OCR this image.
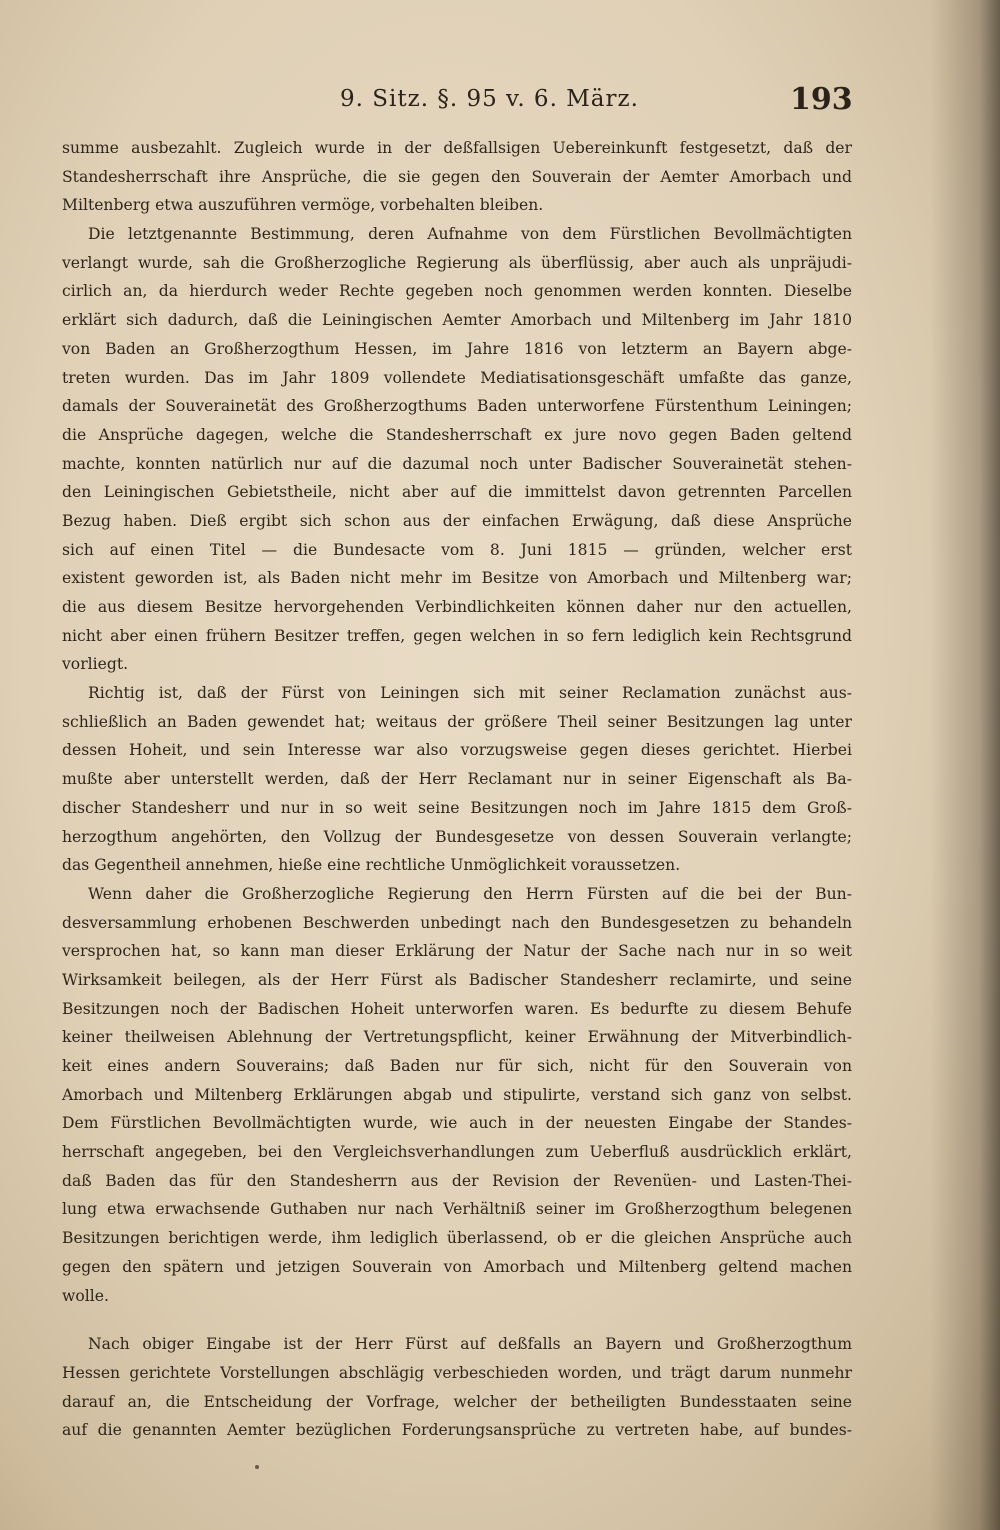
9. Sitz. §. 95 v. 6. März.	193
summe ausbezahlt. Zugleich wurde in der deßfallsigen Uebereinkunft festgesetzt, daß der
Standesherrschaft ihre Ansprüche, die sie gegen den Souverain der Aemter Amorbach und
Miltenberg etwa auszuführen vermöge, vorbehalten bleiben.
Die letztgenannte Bestimmung, deren Aufnahme von dem Fürstlichen Bevollmächtigten
verlangt wurde, sah die Großherzogliche Regierung als überflüssig, aber auch als unpräjudi-
cirlich an, da hierdurch weder Rechte gegeben noch genommen werden konnten. Dieselbe
erklärt sich dadurch, daß die Leiningischen Aemter Amorbach und Miltenberg im Jahr 1810
von Baden an Großherzogthum Hessen, im Jahre 1816 von letzterm an Bayern abge-
treten wurden. Das im Jahr 1809 vollendete Mediatisationsgeschäft umfaßte das ganze,
damals der Souverainetät des Großherzogthums Baden unterworfene Fürstenthum Leiningen;
die Ansprüche dagegen, welche die Standesherrschaft ex jure novo gegen Baden geltend
machte, konnten natürlich nur auf die dazumal noch unter Badischer Souverainetät stehen-
den Leiningischen Gebietstheile, nicht aber auf die immittelst davon getrennten Parcellen
Bezug haben. Dieß ergibt sich schon aus der einfachen Erwägung, daß diese Ansprüche
sich auf einen Titel — die Bundesacte vom 8. Juni 1815 — gründen, welcher erst
existent geworden ist, als Baden nicht mehr im Besitze von Amorbach und Miltenberg war;
die aus diesem Besitze hervorgehenden Verbindlichkeiten können daher nur den actuellen,
nicht aber einen frühern Besitzer treffen, gegen welchen in so fern lediglich kein Rechtsgrund
vorliegt.
Richtig ist, daß der Fürst von Leiningen sich mit seiner Reclamation zunächst aus-
schließlich an Baden gewendet hat; weitaus der größere Theil seiner Besitzungen lag unter
dessen Hoheit, und sein Interesse war also vorzugsweise gegen dieses gerichtet. Hierbei
mußte aber unterstellt werden, daß der Herr Reclamant nur in seiner Eigenschaft als Ba-
discher Standesherr und nur in so weit seine Besitzungen noch im Jahre 1815 dem Groß-
herzogthum angehörten, den Vollzug der Bundesgesetze von dessen Souverain verlangte;
das Gegentheil annehmen, hieße eine rechtliche Unmöglichkeit voraussetzen.
Wenn daher die Großherzogliche Regierung den Herrn Fürsten auf die bei der Bun-
desversammlung erhobenen Beschwerden unbedingt nach den Bundesgesetzen zu behandeln
versprochen hat, so kann man dieser Erklärung der Natur der Sache nach nur in so weit
Wirksamkeit beilegen, als der Herr Fürst als Badischer Standesherr reclamirte, und seine
Besitzungen noch der Badischen Hoheit unterworfen waren. Es bedurfte zu diesem Behufe
keiner theilweisen Ablehnung der Vertretungspflicht, keiner Erwähnung der Mitverbindlich-
keit eines andern Souverains; daß Baden nur für sich, nicht für den Souverain von
Amorbach und Miltenberg Erklärungen abgab und stipulirte, verstand sich ganz von selbst.
Dem Fürstlichen Bevollmächtigten wurde, wie auch in der neuesten Eingabe der Standes-
herrschaft angegeben, bei den Vergleichsverhandlungen zum Ueberfluß ausdrücklich erklärt,
daß Baden das für den Standesherrn aus der Revision der Revenüen- und Lasten-Thei-
lung etwa erwachsende Guthaben nur nach Verhältniß seiner im Großherzogthum belegenen
Besitzungen berichtigen werde, ihm lediglich überlassend, ob er die gleichen Ansprüche auch
gegen den spätern und jetzigen Souverain von Amorbach und Miltenberg geltend machen
wolle.
Nach obiger Eingabe ist der Herr Fürst auf deßfalls an Bayern und Großherzogthum
Hessen gerichtete Vorstellungen abschlägig verbeschieden worden, und trägt darum nunmehr
darauf an, die Entscheidung der Vorfrage, welcher der betheiligten Bundesstaaten seine
auf die genannten Aemter bezüglichen Forderungsansprüche zu vertreten habe, auf bundes-
